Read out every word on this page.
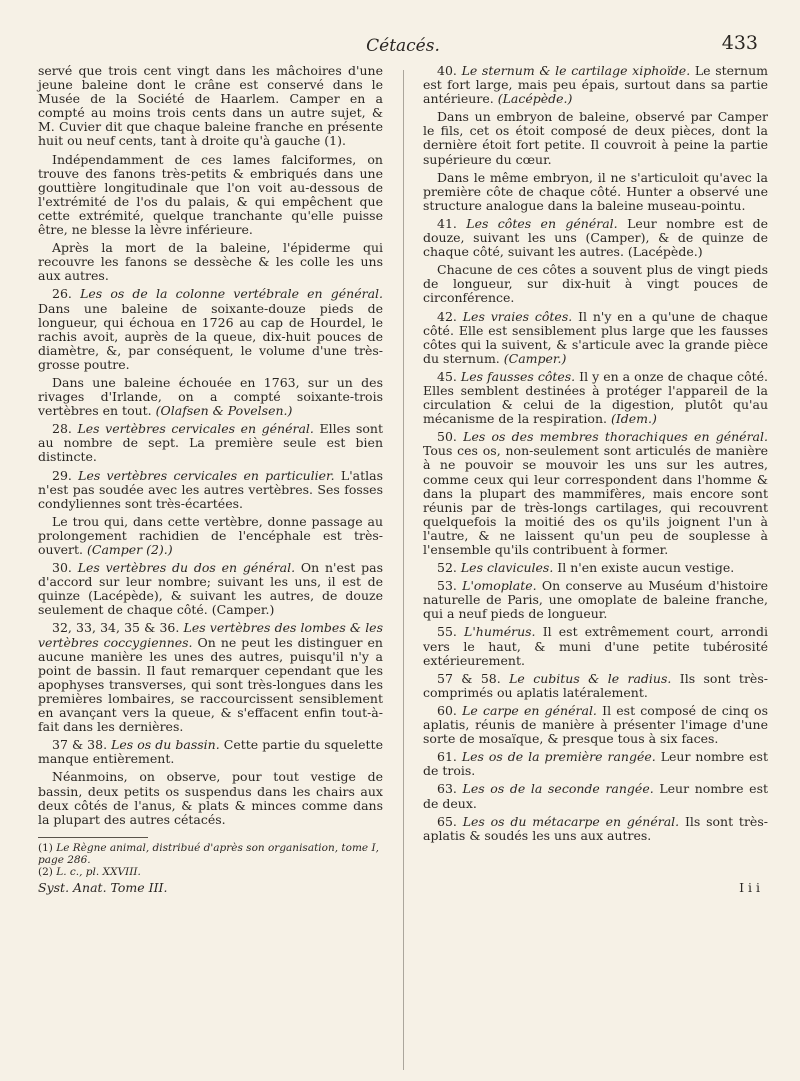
Cétacés.	433

servé que trois cent vingt dans les mâchoires d'une jeune baleine dont le crâne est conservé dans le Musée de la Société de Haarlem. Camper en a compté au moins trois cents dans un autre sujet, & M. Cuvier dit que chaque baleine franche en présente huit ou neuf cents, tant à droite qu'à gauche (1).

Indépendamment de ces lames falciformes, on trouve des fanons très-petits & embriqués dans une gouttière longitudinale que l'on voit au-dessous de l'extrémité de l'os du palais, & qui empêchent que cette extrémité, quelque tranchante qu'elle puisse être, ne blesse la lèvre inférieure.

Après la mort de la baleine, l'épiderme qui recouvre les fanons se dessèche & les colle les uns aux autres.

26. Les os de la colonne vertébrale en général. Dans une baleine de soixante-douze pieds de longueur, qui échoua en 1726 au cap de Hourdel, le rachis avoit, auprès de la queue, dix-huit pouces de diamètre, &, par conséquent, le volume d'une très-grosse poutre.

Dans une baleine échouée en 1763, sur un des rivages d'Irlande, on a compté soixante-trois vertèbres en tout. (Olafsen & Povelsen.)

28. Les vertèbres cervicales en général. Elles sont au nombre de sept. La première seule est bien distincte.

29. Les vertèbres cervicales en particulier. L'atlas n'est pas soudée avec les autres vertèbres. Ses fosses condyliennes sont très-écartées.

Le trou qui, dans cette vertèbre, donne passage au prolongement rachidien de l'encéphale est très-ouvert. (Camper (2).)

30. Les vertèbres du dos en général. On n'est pas d'accord sur leur nombre; suivant les uns, il est de quinze (Lacépède), & suivant les autres, de douze seulement de chaque côté. (Camper.)

32, 33, 34, 35 & 36. Les vertèbres des lombes & les vertèbres coccygiennes. On ne peut les distinguer en aucune manière les unes des autres, puisqu'il n'y a point de bassin. Il faut remarquer cependant que les apophyses transverses, qui sont très-longues dans les premières lombaires, se raccourcissent sensiblement en avançant vers la queue, & s'effacent enfin tout-à-fait dans les dernières.

37 & 38. Les os du bassin. Cette partie du squelette manque entièrement.

Néanmoins, on observe, pour tout vestige de bassin, deux petits os suspendus dans les chairs aux deux côtés de l'anus, & plats & minces comme dans la plupart des autres cétacés.

(1) Le Règne animal, distribué d'après son organisation, tome I, page 286.

(2) L. c., pl. XXVIII.

Syst. Anat. Tome III.	I i i

40. Le sternum & le cartilage xiphoïde. Le sternum est fort large, mais peu épais, surtout dans sa partie antérieure. (Lacépède.)

Dans un embryon de baleine, observé par Camper le fils, cet os étoit composé de deux pièces, dont la dernière étoit fort petite. Il couvroit à peine la partie supérieure du cœur.

Dans le même embryon, il ne s'articuloit qu'avec la première côte de chaque côté. Hunter a observé une structure analogue dans la baleine museau-pointu.

41. Les côtes en général. Leur nombre est de douze, suivant les uns (Camper), & de quinze de chaque côté, suivant les autres. (Lacépède.)

Chacune de ces côtes a souvent plus de vingt pieds de longueur, sur dix-huit à vingt pouces de circonférence.

42. Les vraies côtes. Il n'y en a qu'une de chaque côté. Elle est sensiblement plus large que les fausses côtes qui la suivent, & s'articule avec la grande pièce du sternum. (Camper.)

45. Les fausses côtes. Il y en a onze de chaque côté. Elles semblent destinées à protéger l'appareil de la circulation & celui de la digestion, plutôt qu'au mécanisme de la respiration. (Idem.)

50. Les os des membres thorachiques en général. Tous ces os, non-seulement sont articulés de manière à ne pouvoir se mouvoir les uns sur les autres, comme ceux qui leur correspondent dans l'homme & dans la plupart des mammifères, mais encore sont réunis par de très-longs cartilages, qui recouvrent quelquefois la moitié des os qu'ils joignent l'un à l'autre, & ne laissent qu'un peu de souplesse à l'ensemble qu'ils contribuent à former.

52. Les clavicules. Il n'en existe aucun vestige.

53. L'omoplate. On conserve au Muséum d'histoire naturelle de Paris, une omoplate de baleine franche, qui a neuf pieds de longueur.

55. L'humérus. Il est extrêmement court, arrondi vers le haut, & muni d'une petite tubérosité extérieurement.

57 & 58. Le cubitus & le radius. Ils sont très-comprimés ou aplatis latéralement.

60. Le carpe en général. Il est composé de cinq os aplatis, réunis de manière à présenter l'image d'une sorte de mosaïque, & presque tous à six faces.

61. Les os de la première rangée. Leur nombre est de trois.

63. Les os de la seconde rangée. Leur nombre est de deux.

65. Les os du métacarpe en général. Ils sont très-aplatis & soudés les uns aux autres.
